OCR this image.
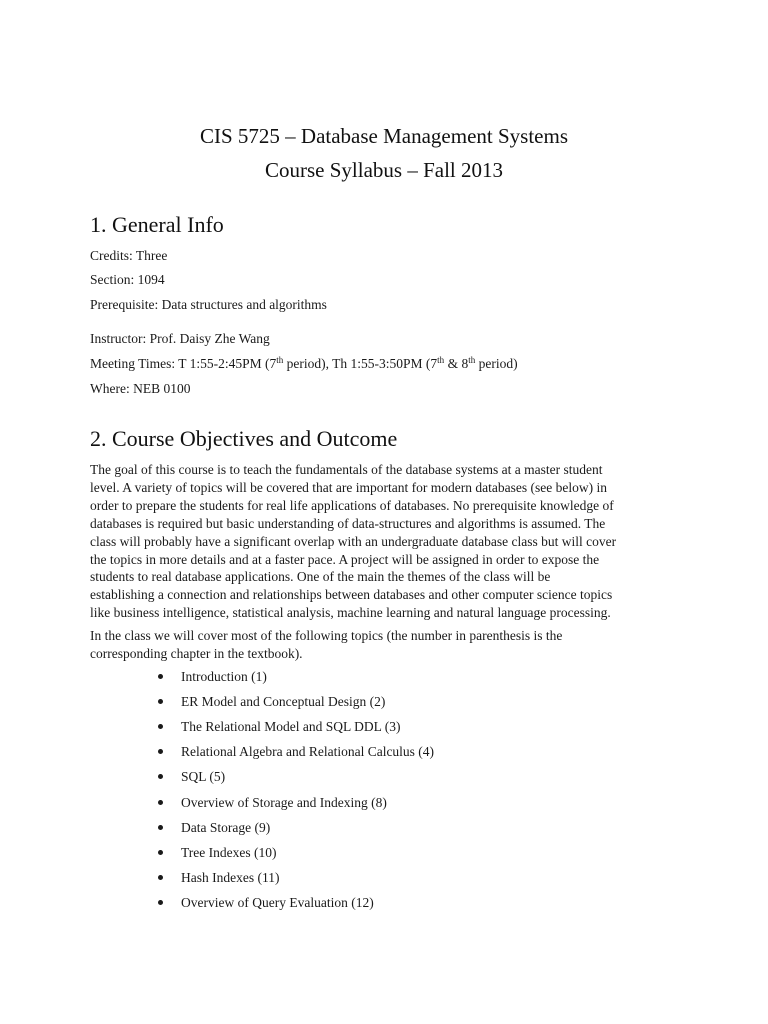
CIS 5725 – Database Management Systems
Course Syllabus – Fall 2013
1. General Info
Credits: Three
Section: 1094
Prerequisite: Data structures and algorithms
Instructor: Prof. Daisy Zhe Wang
Meeting Times: T 1:55-2:45PM (7th period), Th 1:55-3:50PM (7th & 8th period)
Where: NEB 0100
2. Course Objectives and Outcome

The goal of this course is to teach the fundamentals of the database systems at a master student
level. A variety of topics will be covered that are important for modern databases (see below) in
order to prepare the students for real life applications of databases. No prerequisite knowledge of
databases is required but basic understanding of data-structures and algorithms is assumed. The
class will probably have a significant overlap with an undergraduate database class but will cover
the topics in more details and at a faster pace. A project will be assigned in order to expose the
students to real database applications. One of the main the themes of the class will be
establishing a connection and relationships between databases and other computer science topics
like business intelligence, statistical analysis, machine learning and natural language processing.

In the class we will cover most of the following topics (the number in parenthesis is the
corresponding chapter in the textbook).

Introduction (1)
ER Model and Conceptual Design (2)
The Relational Model and SQL DDL (3)
Relational Algebra and Relational Calculus (4)
SQL (5)
Overview of Storage and Indexing (8)
Data Storage (9)
Tree Indexes (10)
Hash Indexes (11)
Overview of Query Evaluation (12)
